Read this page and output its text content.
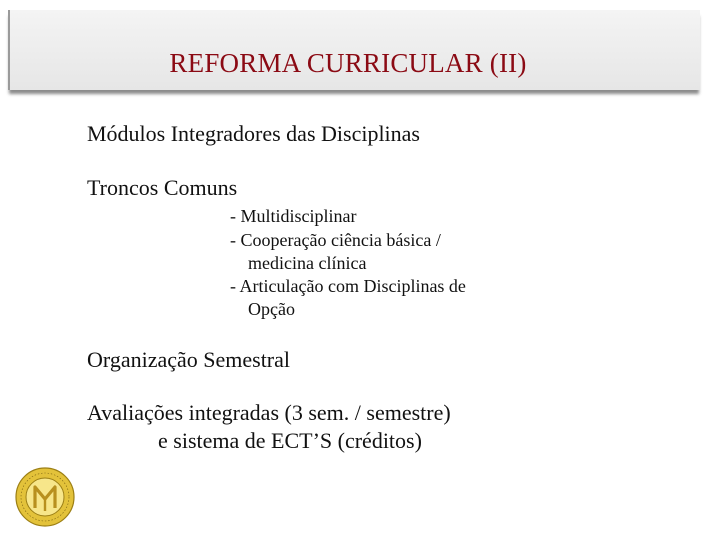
REFORMA CURRICULAR (II)
Módulos Integradores das Disciplinas
Troncos Comuns
- Multidisciplinar
- Cooperação ciência básica /
medicina clínica
- Articulação com Disciplinas de
Opção
Organização Semestral
Avaliações integradas (3 sem. / semestre)
e sistema de ECT’S (créditos)
